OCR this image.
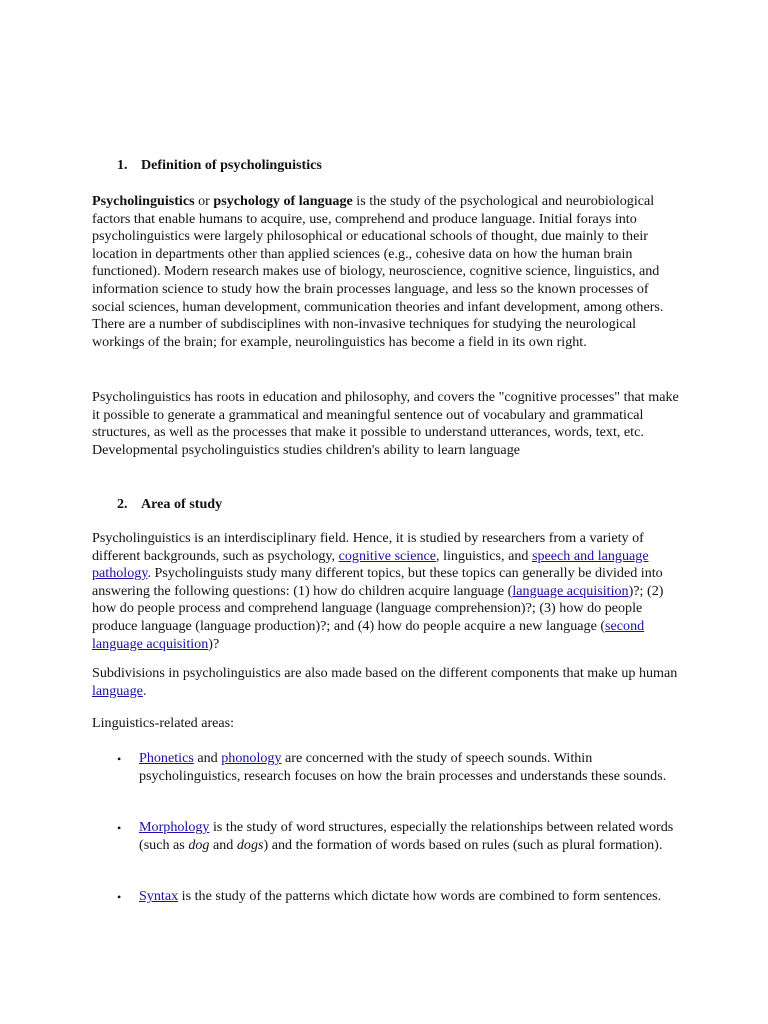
1. Definition of psycholinguistics

Psycholinguistics or psychology of language is the study of the psychological and neurobiological factors that enable humans to acquire, use, comprehend and produce language. Initial forays into psycholinguistics were largely philosophical or educational schools of thought, due mainly to their location in departments other than applied sciences (e.g., cohesive data on how the human brain functioned). Modern research makes use of biology, neuroscience, cognitive science, linguistics, and information science to study how the brain processes language, and less so the known processes of social sciences, human development, communication theories and infant development, among others. There are a number of subdisciplines with non-invasive techniques for studying the neurological workings of the brain; for example, neurolinguistics has become a field in its own right.

Psycholinguistics has roots in education and philosophy, and covers the "cognitive processes" that make it possible to generate a grammatical and meaningful sentence out of vocabulary and grammatical structures, as well as the processes that make it possible to understand utterances, words, text, etc. Developmental psycholinguistics studies children's ability to learn language

2. Area of study

Psycholinguistics is an interdisciplinary field. Hence, it is studied by researchers from a variety of different backgrounds, such as psychology, cognitive science, linguistics, and speech and language pathology. Psycholinguists study many different topics, but these topics can generally be divided into answering the following questions: (1) how do children acquire language (language acquisition)?; (2) how do people process and comprehend language (language comprehension)?; (3) how do people produce language (language production)?; and (4) how do people acquire a new language (second language acquisition)?

Subdivisions in psycholinguistics are also made based on the different components that make up human language.

Linguistics-related areas:

•	Phonetics and phonology are concerned with the study of speech sounds. Within psycholinguistics, research focuses on how the brain processes and understands these sounds.

•	Morphology is the study of word structures, especially the relationships between related words (such as dog and dogs) and the formation of words based on rules (such as plural formation).

•	Syntax is the study of the patterns which dictate how words are combined to form sentences.
